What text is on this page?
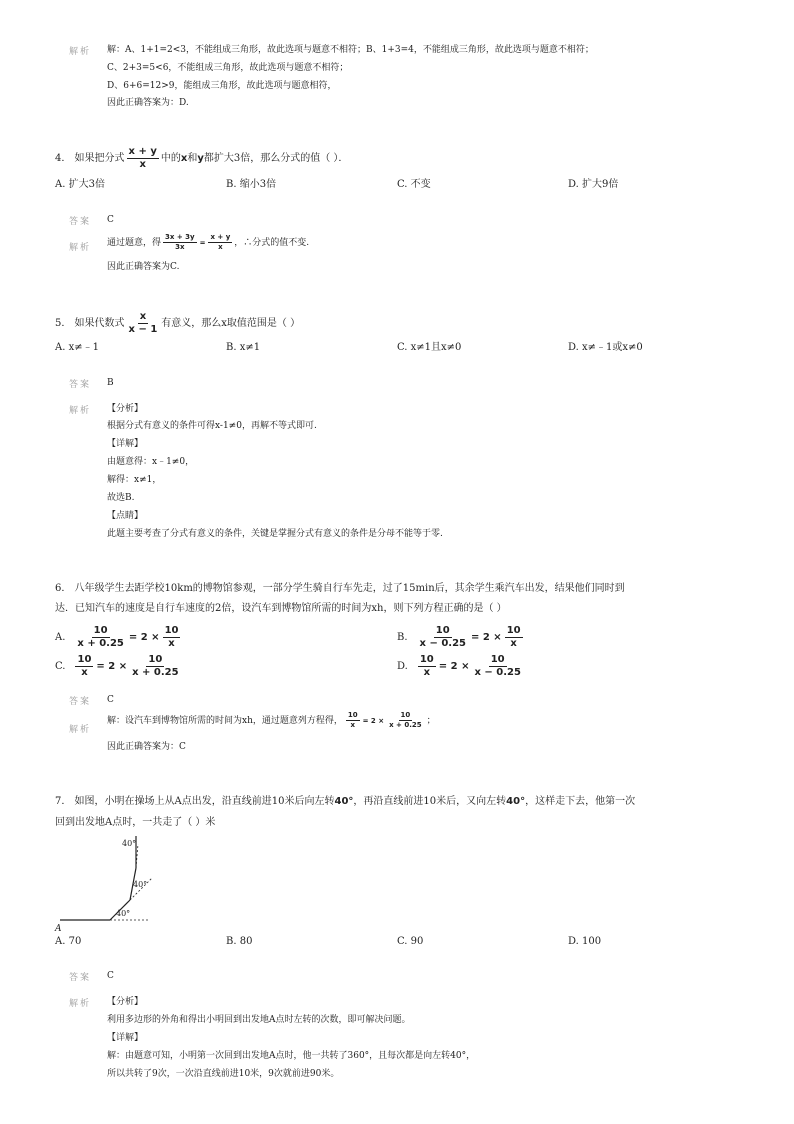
解析 解：A、1+1=2<3，不能组成三角形，故此选项与题意不相符；B、1+3=4，不能组成三角形，故此选项与题意不相符；
C、2+3=5<6，不能组成三角形，故此选项与题意不相符；
D、6+6=12>9，能组成三角形，故此选项与题意相符，
因此正确答案为：D.
4． 如果把分式 $\frac{x + y}{x}$ 中的 x 和 y 都扩大3倍，那么分式的值（ ）．
A. 扩大3倍	B. 缩小3倍	C. 不变	D. 扩大9倍
答案 C
解析
通过题意，得 $\frac{3x + 3y}{3x} = \frac{x + y}{x}$ ，∴分式的值不变.
因此正确答案为C.
5． 如果代数式 $\frac{x}{x - 1}$ 有意义，那么x取值范围是（ ）
A. x≠﹣1	B. x≠1	C. x≠1且x≠0	D. x≠﹣1或x≠0
答案 B
解析 【分析】
根据分式有意义的条件可得x-1≠0，再解不等式即可.
【详解】
由题意得：x﹣1≠0，
解得：x≠1，
故选B.
【点睛】
此题主要考查了分式有意义的条件，关键是掌握分式有意义的条件是分母不能等于零.
6． 八年级学生去距学校10km的博物馆参观，一部分学生骑自行车先走，过了15min后，其余学生乘汽车出发，结果他们同时到
达．已知汽车的速度是自行车速度的2倍，设汽车到博物馆所需的时间为xh，则下列方程正确的是（ ）
A. $\frac{10}{x + 0.25} = 2 \times \frac{10}{x}$	B. $\frac{10}{x - 0.25} = 2 \times \frac{10}{x}$
C. $\frac{10}{x} = 2 \times \frac{10}{x + 0.25}$	D. $\frac{10}{x} = 2 \times \frac{10}{x - 0.25}$
答案 C
解析
解：设汽车到博物馆所需的时间为xh，通过题意列方程得， $\frac{10}{x} = 2 \times \frac{10}{x + 0.25}$ ；
因此正确答案为：C
7． 如图，小明在操场上从A点出发，沿直线前进10米后向左转 40° ，再沿直线前进10米后，又向左转 40° ，这样走下去，他第一次
回到出发地A点时，一共走了（ ）米
40°
40°
40°
A
A. 70	B. 80	C. 90	D. 100
答案 C
解析 【分析】
利用多边形的外角和得出小明回到出发地A点时左转的次数，即可解决问题。
【详解】
解：由题意可知，小明第一次回到出发地A点时，他一共转了360°，且每次都是向左转40°，
所以共转了9次，一次沿直线前进10米，9次就前进90米。
